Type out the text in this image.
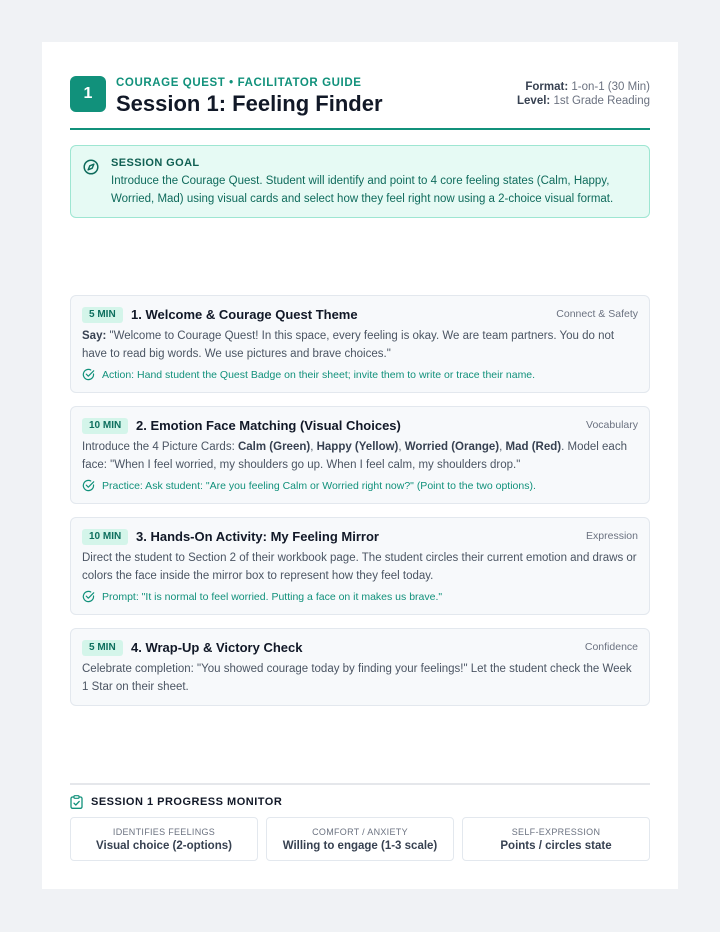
1
COURAGE QUEST • FACILITATOR GUIDE
Session 1: Feeling Finder
Format: 1-on-1 (30 Min)
Level: 1st Grade Reading
SESSION GOAL
Introduce the Courage Quest. Student will identify and point to 4 core feeling states (Calm, Happy, Worried, Mad) using visual cards and select how they feel right now using a 2-choice visual format.
5 MIN	1. Welcome & Courage Quest Theme	Connect & Safety
Say: "Welcome to Courage Quest! In this space, every feeling is okay. We are team partners. You do not have to read big words. We use pictures and brave choices."
Action: Hand student the Quest Badge on their sheet; invite them to write or trace their name.
10 MIN	2. Emotion Face Matching (Visual Choices)	Vocabulary
Introduce the 4 Picture Cards: Calm (Green), Happy (Yellow), Worried (Orange), Mad (Red). Model each face: "When I feel worried, my shoulders go up. When I feel calm, my shoulders drop."
Practice: Ask student: "Are you feeling Calm or Worried right now?" (Point to the two options).
10 MIN	3. Hands-On Activity: My Feeling Mirror	Expression
Direct the student to Section 2 of their workbook page. The student circles their current emotion and draws or colors the face inside the mirror box to represent how they feel today.
Prompt: "It is normal to feel worried. Putting a face on it makes us brave."
5 MIN	4. Wrap-Up & Victory Check	Confidence
Celebrate completion: "You showed courage today by finding your feelings!" Let the student check the Week 1 Star on their sheet.
SESSION 1 PROGRESS MONITOR
IDENTIFIES FEELINGS
Visual choice (2-options)
COMFORT / ANXIETY
Willing to engage (1-3 scale)
SELF-EXPRESSION
Points / circles state
